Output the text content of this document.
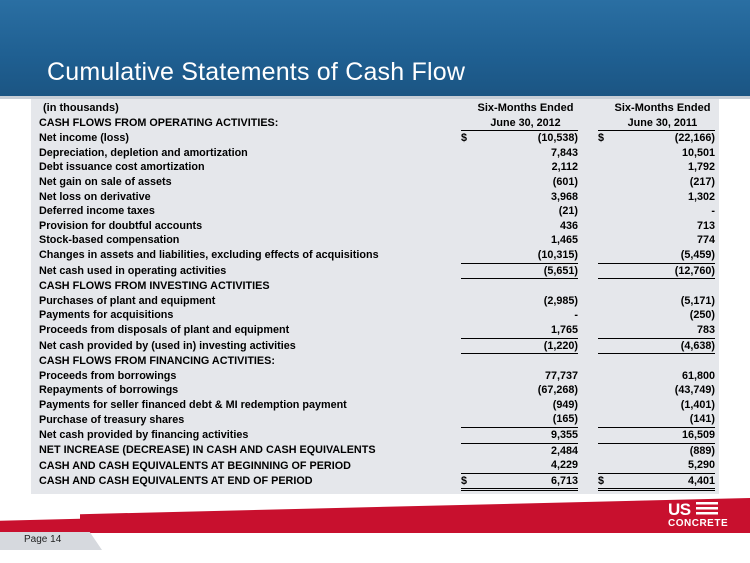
Cumulative Statements of Cash Flow
(in thousands)	Six-Months Ended			Six-Months Ended	
CASH FLOWS FROM OPERATING ACTIVITIES:	June 30, 2012			June 30, 2011	
Net income (loss)	$	(10,538)		$	(22,166)
Depreciation, depletion and amortization		7,843			10,501
Debt issuance cost amortization		2,112			1,792
Net gain on sale of assets		(601)			(217)
Net loss on derivative		3,968			1,302
Deferred income taxes		(21)			-
Provision for doubtful accounts		436			713
Stock-based compensation		1,465			774
Changes in assets and liabilities, excluding effects of acquisitions		(10,315)			(5,459)
Net cash used in operating activities		(5,651)			(12,760)
CASH FLOWS FROM INVESTING ACTIVITIES					
Purchases of plant and equipment		(2,985)			(5,171)
Payments for acquisitions		-			(250)
Proceeds from disposals of plant and equipment		1,765			783
Net cash provided by (used in) investing activities		(1,220)			(4,638)
CASH FLOWS FROM FINANCING ACTIVITIES:					
Proceeds from borrowings		77,737			61,800
Repayments of borrowings		(67,268)			(43,749)
Payments for seller financed debt & MI redemption payment		(949)			(1,401)
Purchase of treasury shares		(165)			(141)
Net cash provided by financing activities		9,355			16,509
NET INCREASE (DECREASE) IN CASH AND CASH EQUIVALENTS		2,484			(889)
CASH AND CASH EQUIVALENTS AT BEGINNING OF PERIOD		4,229			5,290
CASH AND CASH EQUIVALENTS AT END OF PERIOD	$	6,713		$	4,401
Page 14
US
CONCRETE
